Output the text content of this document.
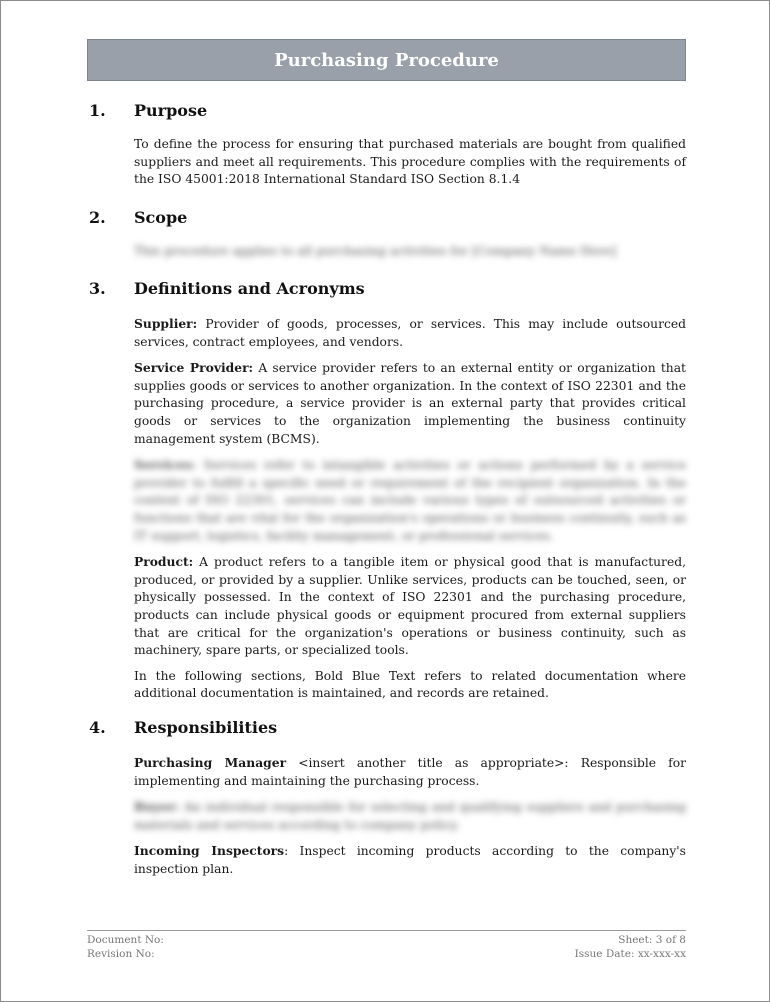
Purchasing Procedure
1.	Purpose

To define the process for ensuring that purchased materials are bought from qualified suppliers and meet all requirements. This procedure complies with the requirements of the ISO 45001:2018 International Standard ISO Section 8.1.4

2.	Scope

This procedure applies to all purchasing activities for [Company Name Here]

3.	Definitions and Acronyms

Supplier: Provider of goods, processes, or services. This may include outsourced services, contract employees, and vendors.

Service Provider: A service provider refers to an external entity or organization that supplies goods or services to another organization. In the context of ISO 22301 and the purchasing procedure, a service provider is an external party that provides critical goods or services to the organization implementing the business continuity management system (BCMS).

Services: Services refer to intangible activities or actions performed by a service provider to fulfill a specific need or requirement of the recipient organization. In the context of ISO 22301, services can include various types of outsourced activities or functions that are vital for the organization's operations or business continuity, such as IT support, logistics, facility management, or professional services.

Product: A product refers to a tangible item or physical good that is manufactured, produced, or provided by a supplier. Unlike services, products can be touched, seen, or physically possessed. In the context of ISO 22301 and the purchasing procedure, products can include physical goods or equipment procured from external suppliers that are critical for the organization's operations or business continuity, such as machinery, spare parts, or specialized tools.

In the following sections, Bold Blue Text refers to related documentation where additional documentation is maintained, and records are retained.

4.	Responsibilities

Purchasing Manager <insert another title as appropriate>: Responsible for implementing and maintaining the purchasing process.

Buyer: An individual responsible for selecting and qualifying suppliers and purchasing materials and services according to company policy.

Incoming Inspectors: Inspect incoming products according to the company's inspection plan.

Document No:	Sheet: 3 of 8
Revision No:	Issue Date: xx-xxx-xx
